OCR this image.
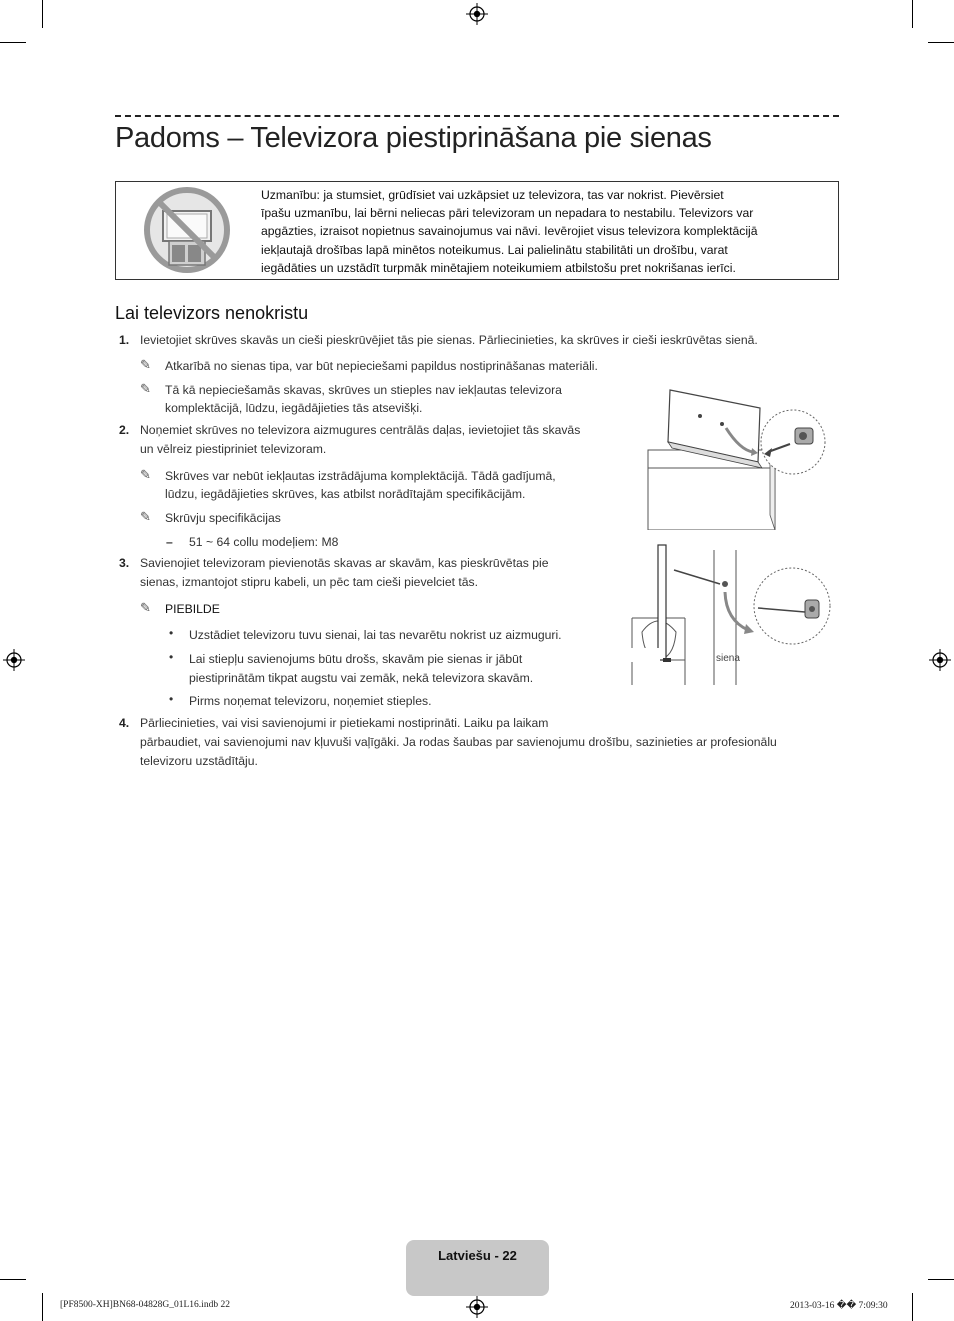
Padoms – Televizora piestiprināšana pie sienas
Uzmanību: ja stumsiet, grūdīsiet vai uzkāpsiet uz televizora, tas var nokrist. Pievērsiet
īpašu uzmanību, lai bērni neliecas pāri televizoram un nepadara to nestabilu. Televizors var
apgāzties, izraisot nopietnus savainojumus vai nāvi. Ievērojiet visus televizora komplektācijā
iekļautajā drošības lapā minētos noteikumus. Lai palielinātu stabilitāti un drošību, varat
iegādāties un uzstādīt turpmāk minētajiem noteikumiem atbilstošu pret nokrišanas ierīci.
Lai televizors nenokristu
1. Ievietojiet skrūves skavās un cieši pieskrūvējiet tās pie sienas. Pārliecinieties, ka skrūves ir cieši ieskrūvētas sienā.
✎ Atkarībā no sienas tipa, var būt nepieciešami papildus nostiprināšanas materiāli.
✎ Tā kā nepieciešamās skavas, skrūves un stieples nav iekļautas televizora
komplektācijā, lūdzu, iegādājieties tās atsevišķi.
2. Noņemiet skrūves no televizora aizmugures centrālās daļas, ievietojiet tās skavās
un vēlreiz piestipriniet televizoram.
✎ Skrūves var nebūt iekļautas izstrādājuma komplektācijā. Tādā gadījumā,
lūdzu, iegādājieties skrūves, kas atbilst norādītajām specifikācijām.
✎ Skrūvju specifikācijas
– 51 ~ 64 collu modeļiem: M8
3. Savienojiet televizoram pievienotās skavas ar skavām, kas pieskrūvētas pie
sienas, izmantojot stipru kabeli, un pēc tam cieši pievelciet tās.
✎ PIEBILDE
• Uzstādiet televizoru tuvu sienai, lai tas nevarētu nokrist uz aizmuguri.
• Lai stiepļu savienojums būtu drošs, skavām pie sienas ir jābūt
piestiprinātām tikpat augstu vai zemāk, nekā televizora skavām.
• Pirms noņemat televizoru, noņemiet stieples.
4. Pārliecinieties, vai visi savienojumi ir pietiekami nostiprināti. Laiku pa laikam
pārbaudiet, vai savienojumi nav kļuvuši vaļīgāki. Ja rodas šaubas par savienojumu drošību, sazinieties ar profesionālu
televizoru uzstādītāju.
siena
Latviešu - 22
[PF8500-XH]BN68-04828G_01L16.indb 22	2013-03-16 �� 7:09:30
